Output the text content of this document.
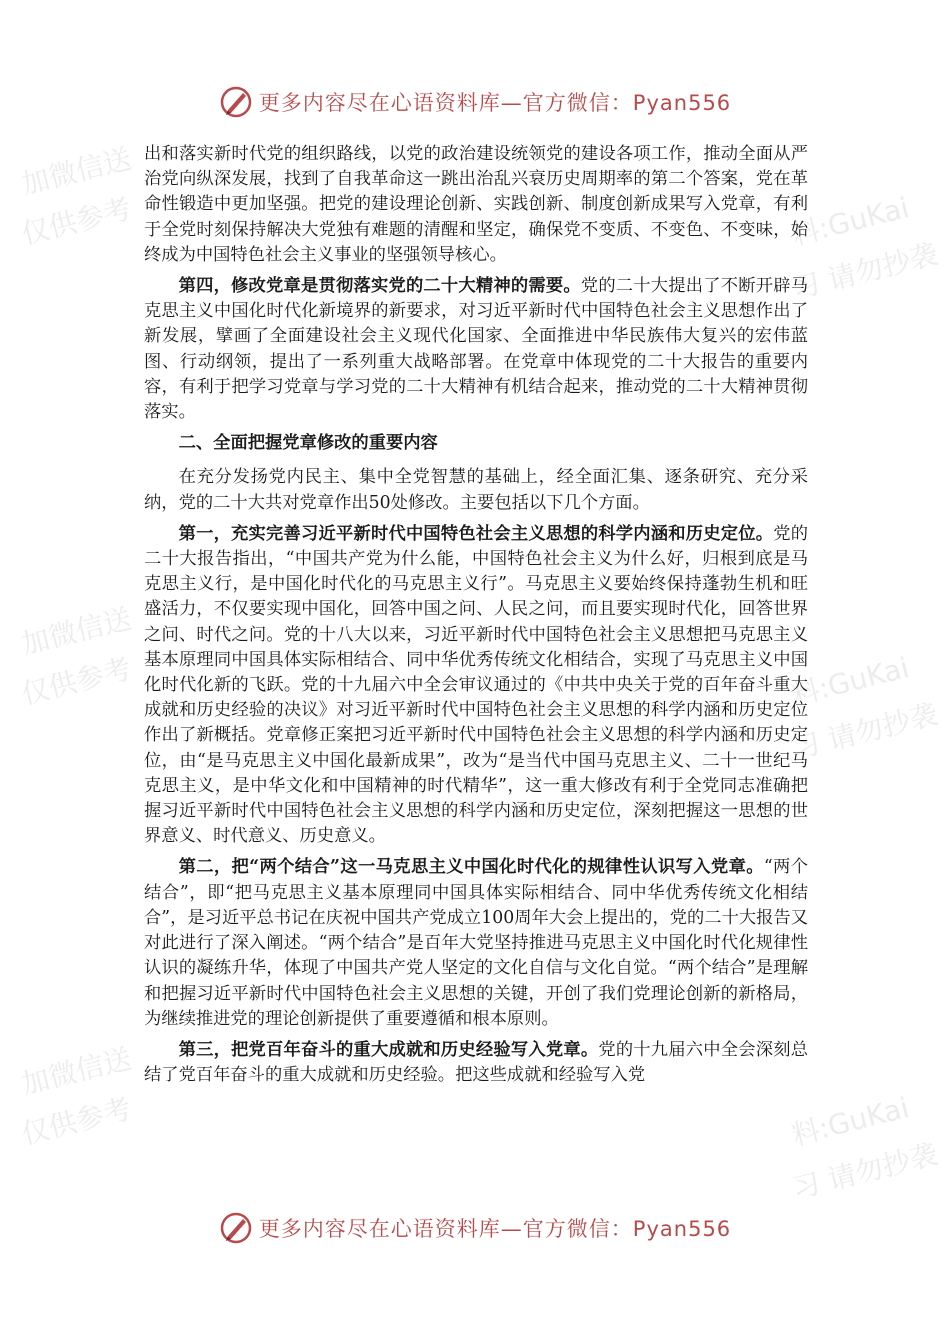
加微信送
仅供参考	料:GuKai
习 请勿抄袭
加微信送
仅供参考	料:GuKai
习 请勿抄袭
加微信送
仅供参考	料:GuKai
习 请勿抄袭
更多内容尽在心语资料库—官方微信：Pyan556

出和落实新时代党的组织路线，以党的政治建设统领党的建设各项工作，推动全面从严治党向纵深发展，找到了自我革命这一跳出治乱兴衰历史周期率的第二个答案，党在革命性锻造中更加坚强。把党的建设理论创新、实践创新、制度创新成果写入党章，有利于全党时刻保持解决大党独有难题的清醒和坚定，确保党不变质、不变色、不变味，始终成为中国特色社会主义事业的坚强领导核心。

第四，修改党章是贯彻落实党的二十大精神的需要。党的二十大提出了不断开辟马克思主义中国化时代化新境界的新要求，对习近平新时代中国特色社会主义思想作出了新发展，擘画了全面建设社会主义现代化国家、全面推进中华民族伟大复兴的宏伟蓝图、行动纲领，提出了一系列重大战略部署。在党章中体现党的二十大报告的重要内容，有利于把学习党章与学习党的二十大精神有机结合起来，推动党的二十大精神贯彻落实。

二、全面把握党章修改的重要内容

在充分发扬党内民主、集中全党智慧的基础上，经全面汇集、逐条研究、充分采纳，党的二十大共对党章作出50处修改。主要包括以下几个方面。

第一，充实完善习近平新时代中国特色社会主义思想的科学内涵和历史定位。党的二十大报告指出，“中国共产党为什么能，中国特色社会主义为什么好，归根到底是马克思主义行，是中国化时代化的马克思主义行”。马克思主义要始终保持蓬勃生机和旺盛活力，不仅要实现中国化，回答中国之问、人民之问，而且要实现时代化，回答世界之问、时代之问。党的十八大以来，习近平新时代中国特色社会主义思想把马克思主义基本原理同中国具体实际相结合、同中华优秀传统文化相结合，实现了马克思主义中国化时代化新的飞跃。党的十九届六中全会审议通过的《中共中央关于党的百年奋斗重大成就和历史经验的决议》对习近平新时代中国特色社会主义思想的科学内涵和历史定位作出了新概括。党章修正案把习近平新时代中国特色社会主义思想的科学内涵和历史定位，由“是马克思主义中国化最新成果”，改为“是当代中国马克思主义、二十一世纪马克思主义，是中华文化和中国精神的时代精华”，这一重大修改有利于全党同志准确把握习近平新时代中国特色社会主义思想的科学内涵和历史定位，深刻把握这一思想的世界意义、时代意义、历史意义。

第二，把“两个结合”这一马克思主义中国化时代化的规律性认识写入党章。“两个结合”，即“把马克思主义基本原理同中国具体实际相结合、同中华优秀传统文化相结合”，是习近平总书记在庆祝中国共产党成立100周年大会上提出的，党的二十大报告又对此进行了深入阐述。“两个结合”是百年大党坚持推进马克思主义中国化时代化规律性认识的凝练升华，体现了中国共产党人坚定的文化自信与文化自觉。“两个结合”是理解和把握习近平新时代中国特色社会主义思想的关键，开创了我们党理论创新的新格局，为继续推进党的理论创新提供了重要遵循和根本原则。

第三，把党百年奋斗的重大成就和历史经验写入党章。党的十九届六中全会深刻总结了党百年奋斗的重大成就和历史经验。把这些成就和经验写入党

更多内容尽在心语资料库—官方微信：Pyan556
